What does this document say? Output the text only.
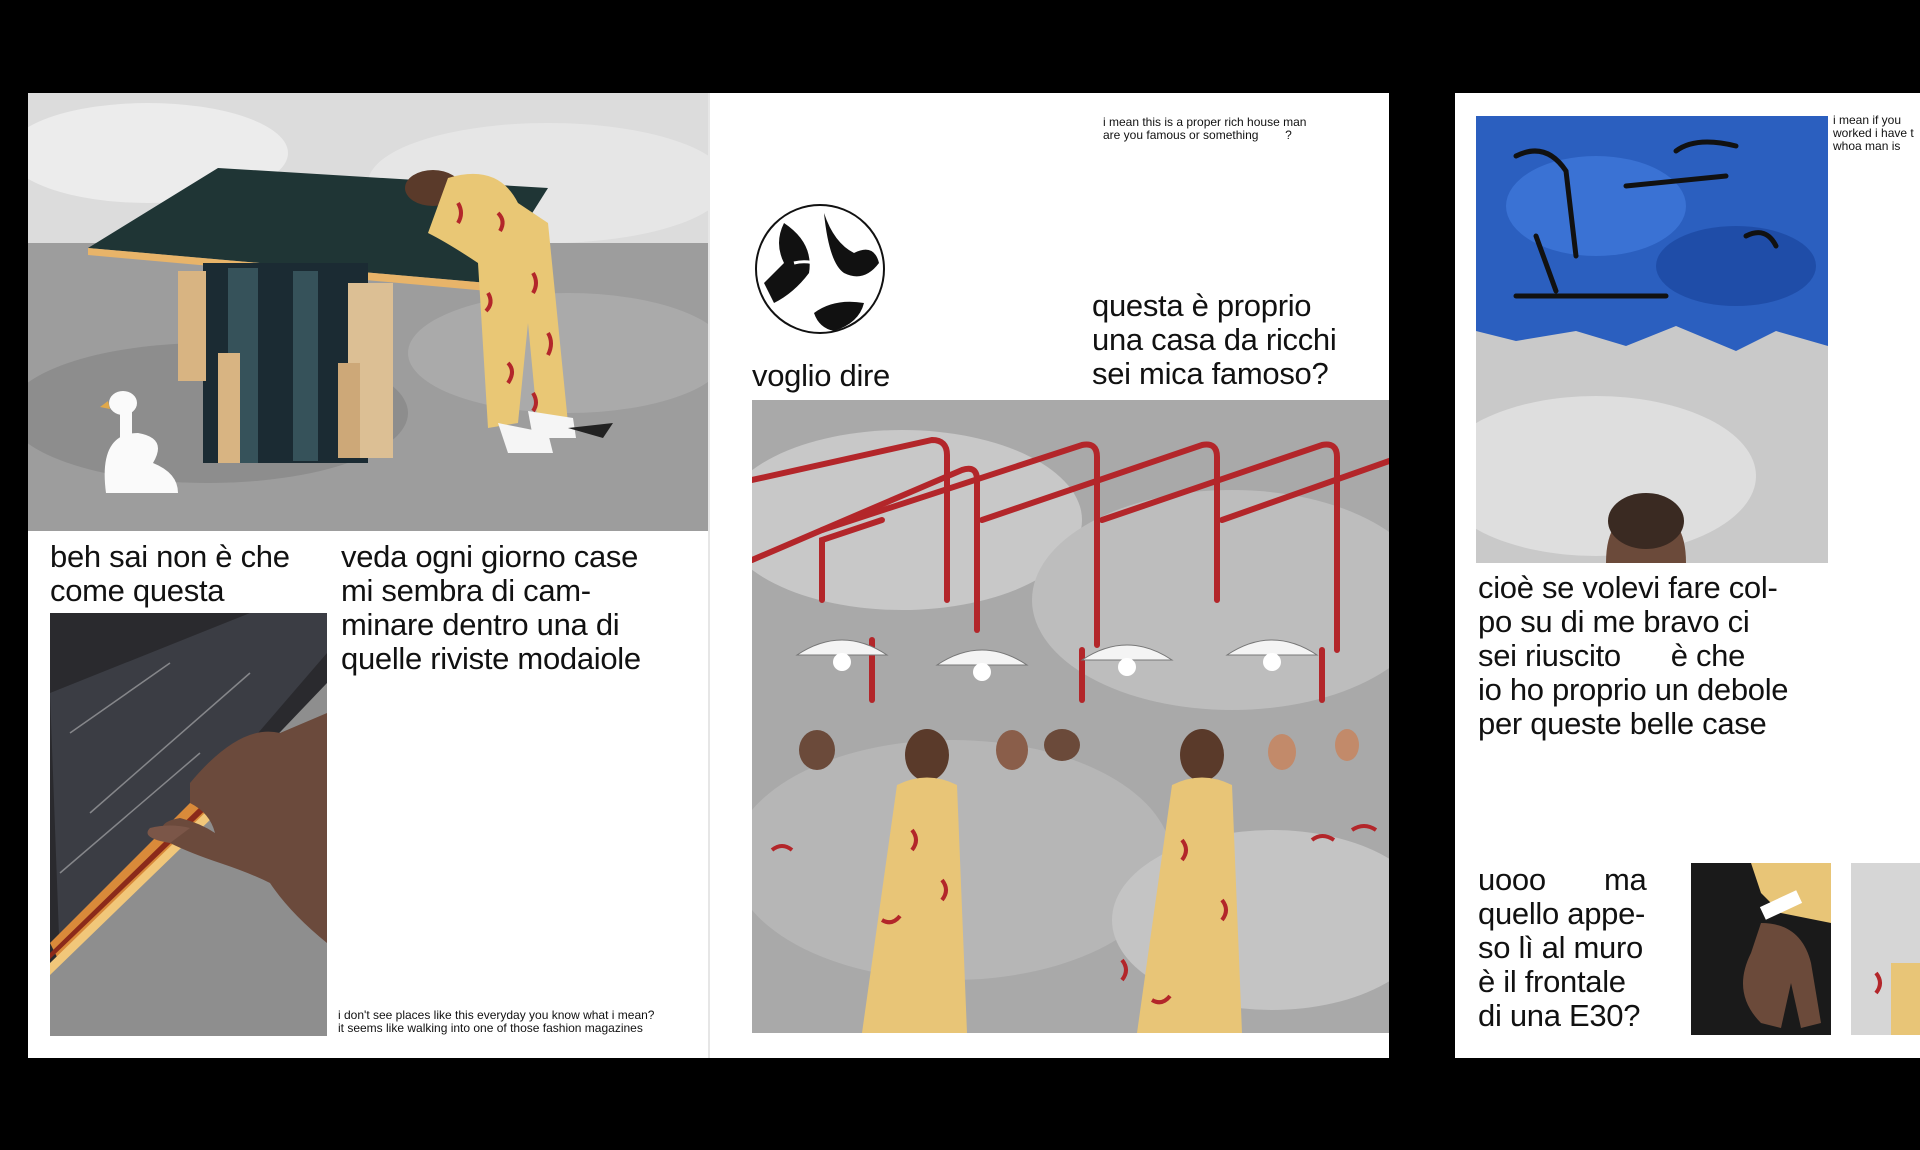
beh sai non è che
come questa
veda ogni giorno case
mi sembra di cam-
minare dentro una di
quelle riviste modaiole
i don't see places like this everyday you know what i mean?
it seems like walking into one of those fashion magazines
i mean this is a proper rich house man
are you famous or something        ?
voglio dire
questa è proprio
una casa da ricchi
sei mica famoso?
i mean if you
worked i have t
whoa man is
cioè se volevi fare col-
po su di me bravo ci
sei riuscito      è che
io ho proprio un debole
per queste belle case
uooo       ma
quello appe-
so lì al muro
è il frontale
di una E30?
